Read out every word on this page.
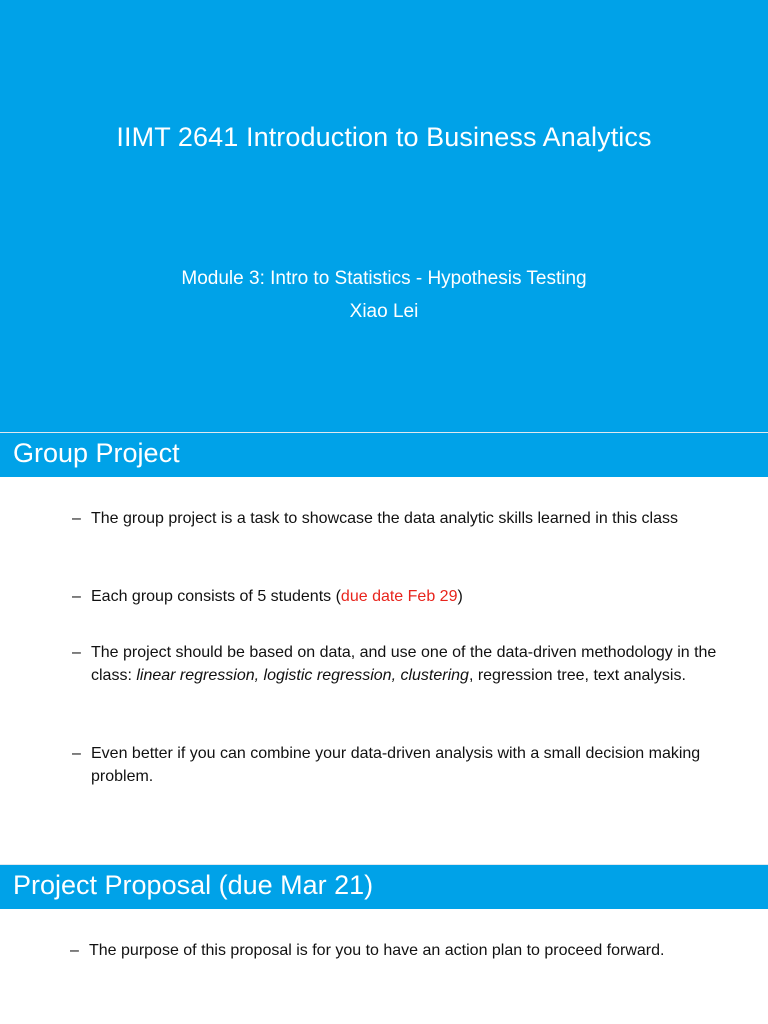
IIMT 2641 Introduction to Business Analytics
Module 3: Intro to Statistics - Hypothesis Testing
Xiao Lei
Group Project
– The group project is a task to showcase the data analytic skills learned in this class
– Each group consists of 5 students (due date Feb 29)
– The project should be based on data, and use one of the data-driven methodology in the class: linear regression, logistic regression, clustering, regression tree, text analysis.
– Even better if you can combine your data-driven analysis with a small decision making problem.
Project Proposal (due Mar 21)
– The purpose of this proposal is for you to have an action plan to proceed forward.
